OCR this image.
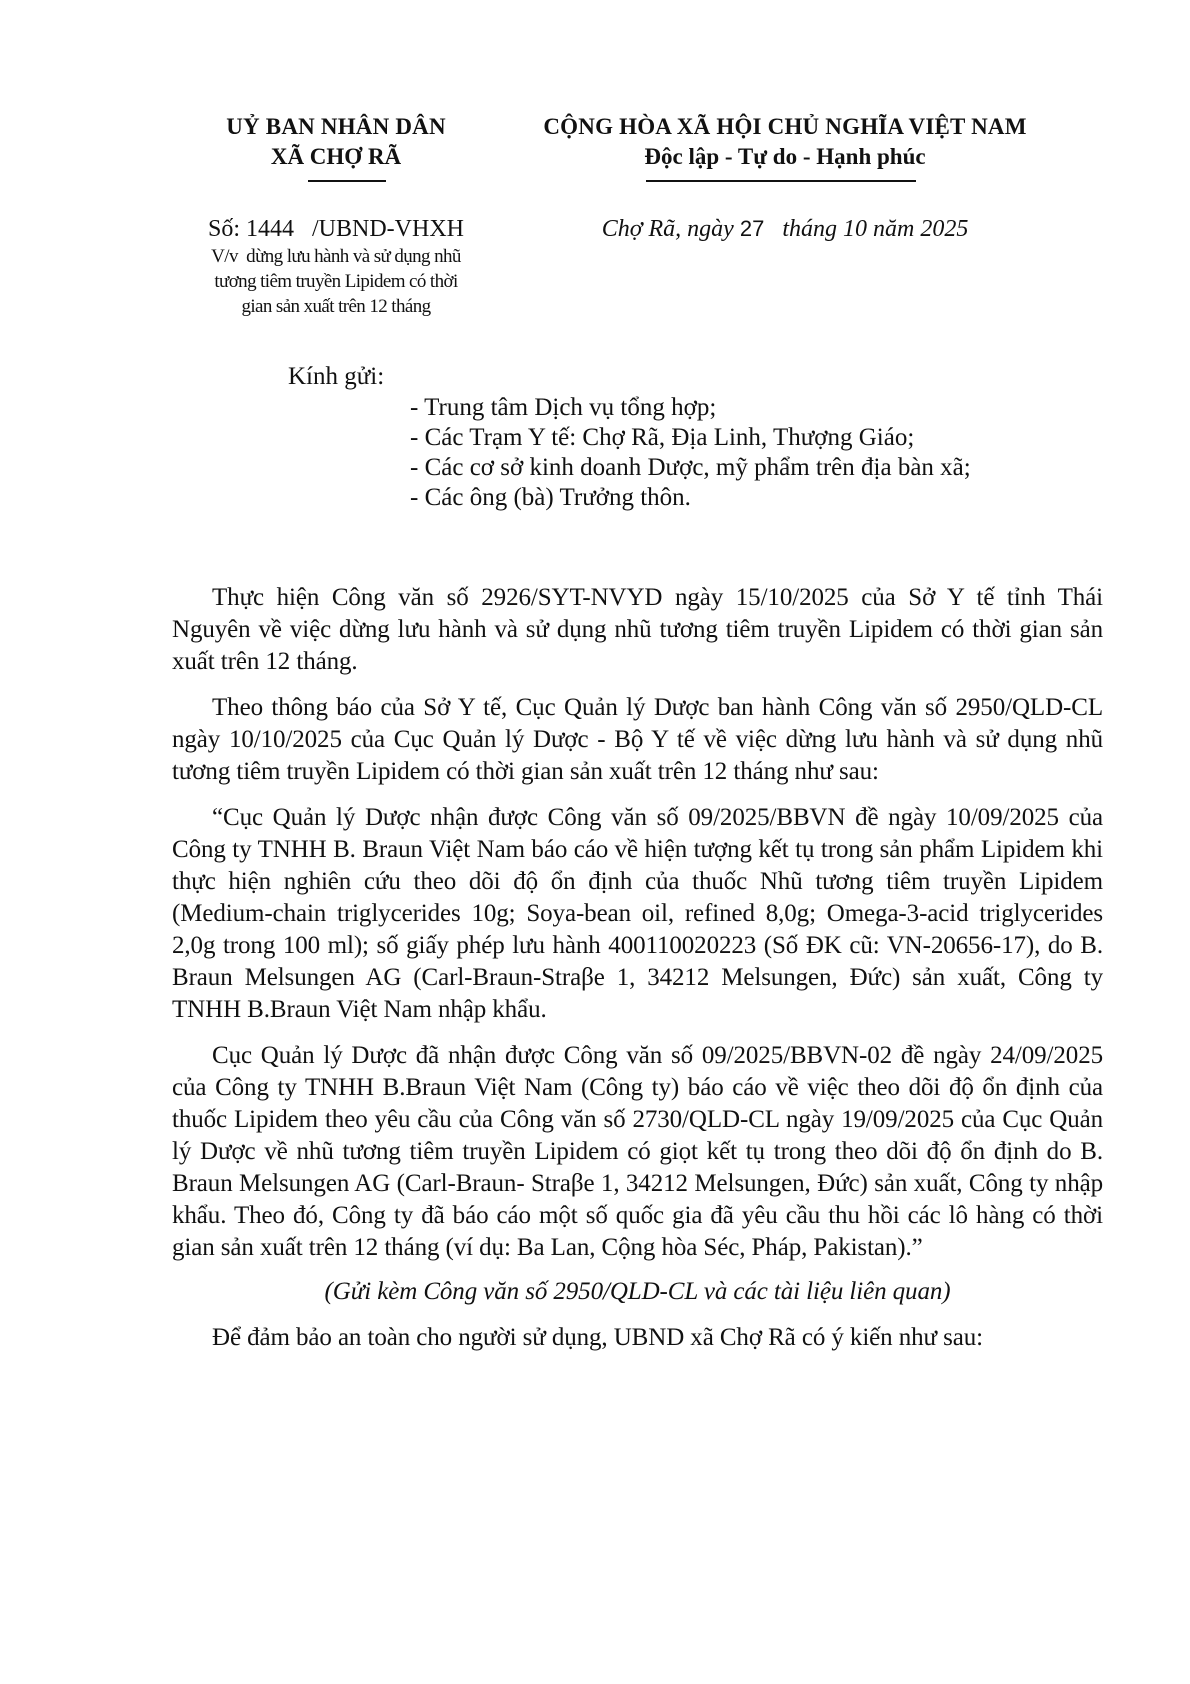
UỶ BAN NHÂN DÂN
XÃ CHỢ RÃ
Số: 1444   /UBND-VHXH
V/v  dừng lưu hành và sử dụng nhũ
tương tiêm truyền Lipidem có thời
gian sản xuất trên 12 tháng
CỘNG HÒA XÃ HỘI CHỦ NGHĨA VIỆT NAM
Độc lập - Tự do - Hạnh phúc
Chợ Rã, ngày 27   tháng 10 năm 2025
Kính gửi:
- Trung tâm Dịch vụ tổng hợp;
- Các Trạm Y tế: Chợ Rã, Địa Linh, Thượng Giáo;
- Các cơ sở kinh doanh Dược, mỹ phẩm trên địa bàn xã;
- Các ông (bà) Trưởng thôn.

Thực hiện Công văn số 2926/SYT-NVYD ngày 15/10/2025 của Sở Y tế tỉnh Thái Nguyên về việc dừng lưu hành và sử dụng nhũ tương tiêm truyền Lipidem có thời gian sản xuất trên 12 tháng.

Theo thông báo của Sở Y tế, Cục Quản lý Dược ban hành Công văn số 2950/QLD-CL ngày 10/10/2025 của Cục Quản lý Dược - Bộ Y tế về việc dừng lưu hành và sử dụng nhũ tương tiêm truyền Lipidem có thời gian sản xuất trên 12 tháng như sau:

“Cục Quản lý Dược nhận được Công văn số 09/2025/BBVN đề ngày 10/09/2025 của Công ty TNHH B. Braun Việt Nam báo cáo về hiện tượng kết tụ trong sản phẩm Lipidem khi thực hiện nghiên cứu theo dõi độ ổn định của thuốc Nhũ tương tiêm truyền Lipidem (Medium-chain triglycerides 10g; Soya-bean oil, refined 8,0g; Omega-3-acid triglycerides 2,0g trong 100 ml); số giấy phép lưu hành 400110020223 (Số ĐK cũ: VN-20656-17), do B. Braun Melsungen AG (Carl-Braun-Straβe 1, 34212 Melsungen, Đức) sản xuất, Công ty TNHH B.Braun Việt Nam nhập khẩu.

Cục Quản lý Dược đã nhận được Công văn số 09/2025/BBVN-02 đề ngày 24/09/2025 của Công ty TNHH B.Braun Việt Nam (Công ty) báo cáo về việc theo dõi độ ổn định của thuốc Lipidem theo yêu cầu của Công văn số 2730/QLD-CL ngày 19/09/2025 của Cục Quản lý Dược về nhũ tương tiêm truyền Lipidem có giọt kết tụ trong theo dõi độ ổn định do B. Braun Melsungen AG (Carl-Braun- Straβe 1, 34212 Melsungen, Đức) sản xuất, Công ty nhập khẩu. Theo đó, Công ty đã báo cáo một số quốc gia đã yêu cầu thu hồi các lô hàng có thời gian sản xuất trên 12 tháng (ví dụ: Ba Lan, Cộng hòa Séc, Pháp, Pakistan).”

(Gửi kèm Công văn số 2950/QLD-CL và các tài liệu liên quan)

Để đảm bảo an toàn cho người sử dụng, UBND xã Chợ Rã có ý kiến như sau:
